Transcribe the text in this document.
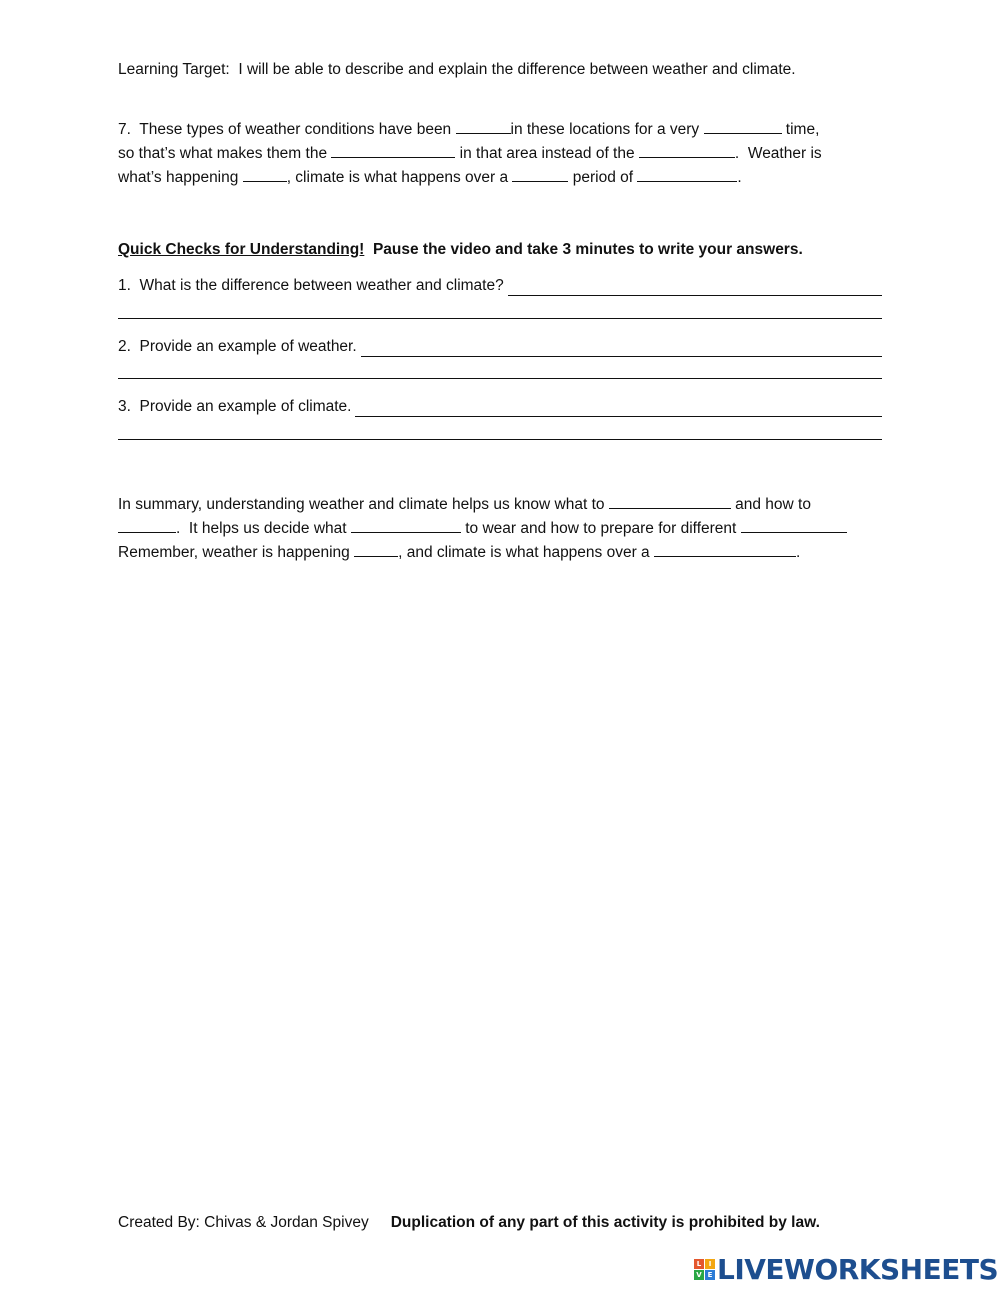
Learning Target:  I will be able to describe and explain the difference between weather and climate.
7.  These types of weather conditions have been	in these locations for a very	time,
so that’s what makes them the	in that area instead of the	.  Weather is
what’s happening	, climate is what happens over a	period of	.
Quick Checks for Understanding!  Pause the video and take 3 minutes to write your answers.
1.  What is the difference between weather and climate?
2.  Provide an example of weather.
3.  Provide an example of climate.
In summary, understanding weather and climate helps us know what to	and how to
.  It helps us decide what	to wear and how to prepare for different
Remember, weather is happening	, and climate is what happens over a	.
Created By: Chivas & Jordan Spivey Duplication of any part of this activity is prohibited by law.
L	I
V E LIVEWORKSHEETS
